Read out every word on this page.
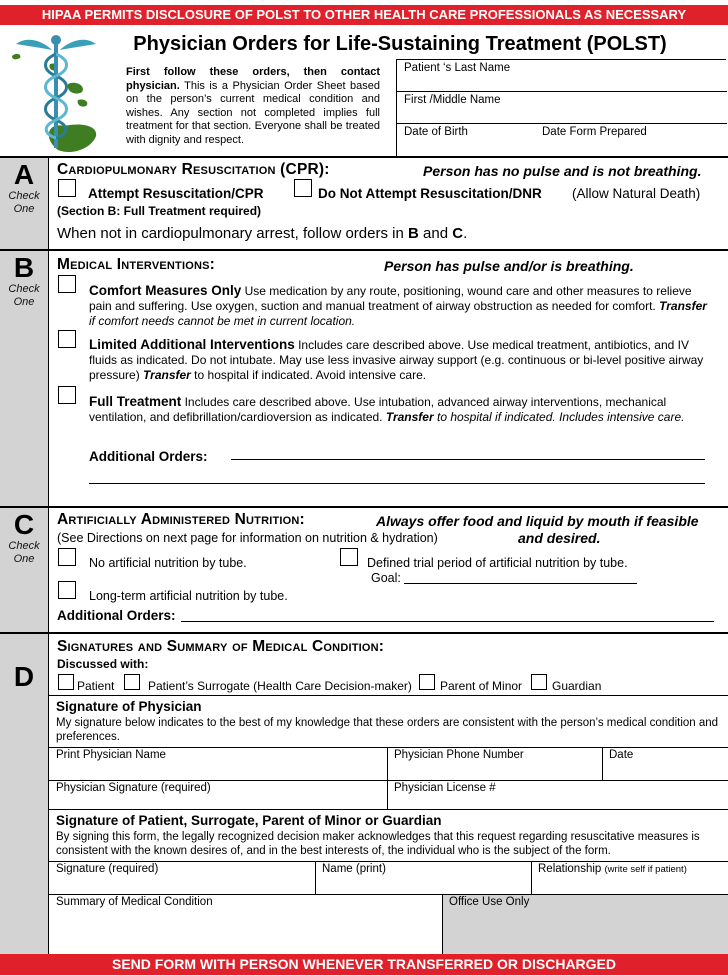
HIPAA PERMITS DISCLOSURE OF POLST TO OTHER HEALTH CARE PROFESSIONALS AS NECESSARY
Physician Orders for Life-Sustaining Treatment (POLST)
First follow these orders, then contact physician. This is a Physician Order Sheet based on the person’s current medical condition and wishes. Any section not completed implies full treatment for that section. Everyone shall be treated with dignity and respect.
Patient ‘s Last Name
First /Middle Name
Date of Birth	Date Form Prepared
A
Check One
Cardiopulmonary Resuscitation (CPR):	Person has no pulse and is not breathing.
Attempt Resuscitation/CPR
(Section B: Full Treatment required)
Do Not Attempt Resuscitation/DNR (Allow Natural Death)
When not in cardiopulmonary arrest, follow orders in B and C.
B
Check One
Medical Interventions:	Person has pulse and/or is breathing.
Comfort Measures Only Use medication by any route, positioning, wound care and other measures to relieve pain and suffering. Use oxygen, suction and manual treatment of airway obstruction as needed for comfort. Transfer if comfort needs cannot be met in current location.
Limited Additional Interventions Includes care described above. Use medical treatment, antibiotics, and IV fluids as indicated. Do not intubate. May use less invasive airway support (e.g. continuous or bi-level positive airway pressure) Transfer to hospital if indicated. Avoid intensive care.
Full Treatment Includes care described above. Use intubation, advanced airway interventions, mechanical ventilation, and defibrillation/cardioversion as indicated. Transfer to hospital if indicated. Includes intensive care.
Additional Orders:
C
Check One
Artificially Administered Nutrition:	Always offer food and liquid by mouth if feasible
and desired.
(See Directions on next page for information on nutrition & hydration)
No artificial nutrition by tube.	Defined trial period of artificial nutrition by tube.
Goal:
Long-term artificial nutrition by tube.
Additional Orders:
D
Signatures and Summary of Medical Condition:
Discussed with:
Patient	Patient’s Surrogate (Health Care Decision-maker) Parent of Minor Guardian
Signature of Physician
My signature below indicates to the best of my knowledge that these orders are consistent with the person’s medical condition and preferences.
Print Physician Name	Physician Phone Number	Date
Physician Signature (required)	Physician License #
Signature of Patient, Surrogate, Parent of Minor or Guardian
By signing this form, the legally recognized decision maker acknowledges that this request regarding resuscitative measures is consistent with the known desires of, and in the best interests of, the individual who is the subject of the form.
Signature (required)	Name (print)	Relationship (write self if patient)
Summary of Medical Condition	Office Use Only
SEND FORM WITH PERSON WHENEVER TRANSFERRED OR DISCHARGED
